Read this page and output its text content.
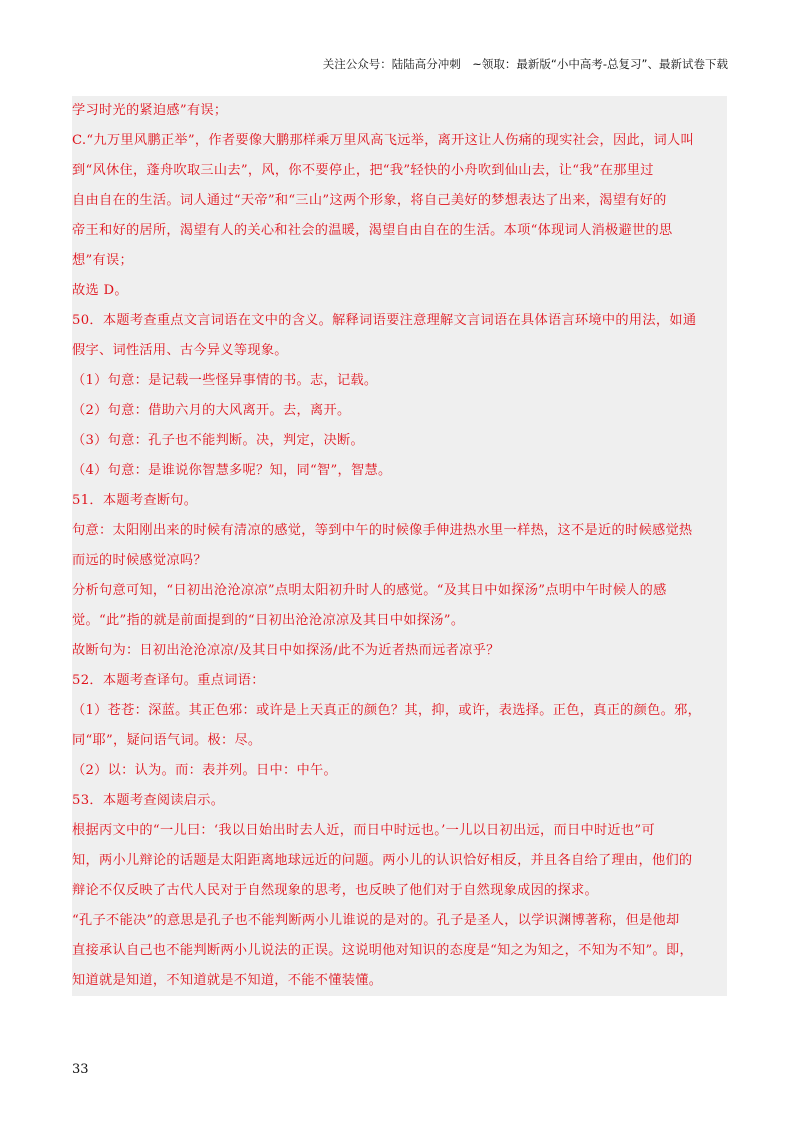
关注公众号：陆陆高分冲刺　~领取：最新版“小中高考-总复习”、最新试卷下载
学习时光的紧迫感”有误；
C.“九万里风鹏正举”，作者要像大鹏那样乘万里风高飞远举，离开这让人伤痛的现实社会，因此，词人叫
到“风休住，蓬舟吹取三山去”，风，你不要停止，把“我”轻快的小舟吹到仙山去，让“我”在那里过
自由自在的生活。词人通过“天帝”和“三山”这两个形象，将自己美好的梦想表达了出来，渴望有好的
帝王和好的居所，渴望有人的关心和社会的温暖，渴望自由自在的生活。本项“体现词人消极避世的思
想”有误；
故选 D。
50．本题考查重点文言词语在文中的含义。解释词语要注意理解文言词语在具体语言环境中的用法，如通
假字、词性活用、古今异义等现象。
（1）句意：是记载一些怪异事情的书。志，记载。
（2）句意：借助六月的大风离开。去，离开。
（3）句意：孔子也不能判断。决，判定，决断。
（4）句意：是谁说你智慧多呢？知，同“智”，智慧。
51．本题考查断句。
句意：太阳刚出来的时候有清凉的感觉，等到中午的时候像手伸进热水里一样热，这不是近的时候感觉热
而远的时候感觉凉吗？
分析句意可知，“日初出沧沧凉凉”点明太阳初升时人的感觉。“及其日中如探汤”点明中午时候人的感
觉。“此”指的就是前面提到的“日初出沧沧凉凉及其日中如探汤”。
故断句为：日初出沧沧凉凉/及其日中如探汤/此不为近者热而远者凉乎？
52．本题考查译句。重点词语：
（1）苍苍：深蓝。其正色邪：或许是上天真正的颜色？其，抑，或许，表选择。正色，真正的颜色。邪，
同“耶”，疑问语气词。极：尽。
（2）以：认为。而：表并列。日中：中午。
53．本题考查阅读启示。
根据丙文中的“一儿曰：‘我以日始出时去人近，而日中时远也。’一儿以日初出远，而日中时近也”可
知，两小儿辩论的话题是太阳距离地球远近的问题。两小儿的认识恰好相反，并且各自给了理由，他们的
辩论不仅反映了古代人民对于自然现象的思考，也反映了他们对于自然现象成因的探求。
“孔子不能决”的意思是孔子也不能判断两小儿谁说的是对的。孔子是圣人，以学识渊博著称，但是他却
直接承认自己也不能判断两小儿说法的正误。这说明他对知识的态度是“知之为知之，不知为不知”。即，
知道就是知道，不知道就是不知道，不能不懂装懂。
33
